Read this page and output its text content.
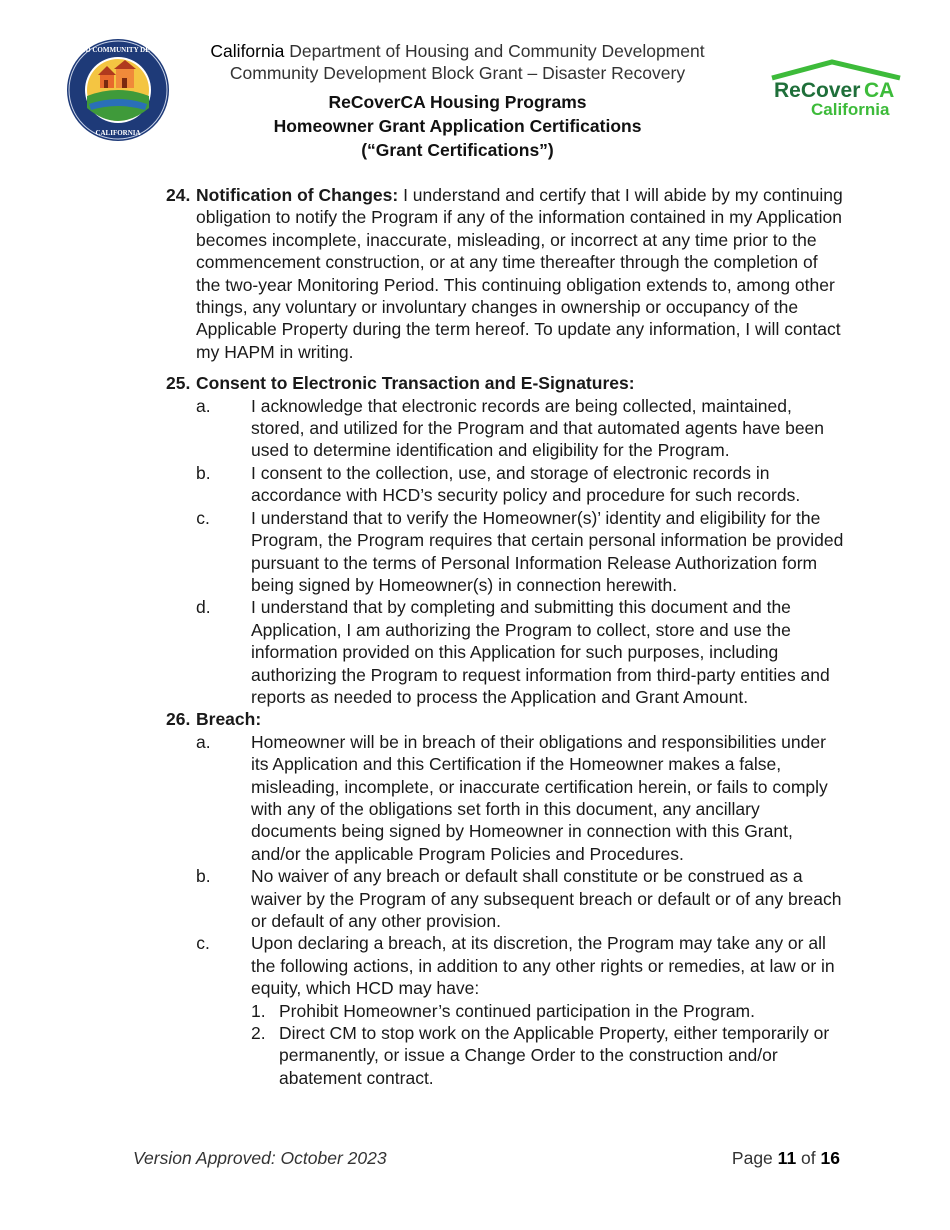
HOUSING AND COMMUNITY DEVELOPMENT
CALIFORNIA
California Department of Housing and Community Development
Community Development Block Grant – Disaster Recovery
ReCoverCA Housing Programs
Homeowner Grant Application Certifications
(“Grant Certifications”)
ReCover CA
California
24. Notification of Changes: I understand and certify that I will abide by my continuing obligation to notify the Program if any of the information contained in my Application becomes incomplete, inaccurate, misleading, or incorrect at any time prior to the commencement construction, or at any time thereafter through the completion of the two-year Monitoring Period. This continuing obligation extends to, among other things, any voluntary or involuntary changes in ownership or occupancy of the Applicable Property during the term hereof. To update any information, I will contact my HAPM in writing.
25. Consent to Electronic Transaction and E-Signatures:
a. I acknowledge that electronic records are being collected, maintained, stored, and utilized for the Program and that automated agents have been used to determine identification and eligibility for the Program.
b. I consent to the collection, use, and storage of electronic records in accordance with HCD’s security policy and procedure for such records.
c. I understand that to verify the Homeowner(s)’ identity and eligibility for the Program, the Program requires that certain personal information be provided pursuant to the terms of Personal Information Release Authorization form being signed by Homeowner(s) in connection herewith.
d. I understand that by completing and submitting this document and the Application, I am authorizing the Program to collect, store and use the information provided on this Application for such purposes, including authorizing the Program to request information from third-party entities and reports as needed to process the Application and Grant Amount.
26. Breach:
a. Homeowner will be in breach of their obligations and responsibilities under its Application and this Certification if the Homeowner makes a false, misleading, incomplete, or inaccurate certification herein, or fails to comply with any of the obligations set forth in this document, any ancillary documents being signed by Homeowner in connection with this Grant, and/or the applicable Program Policies and Procedures.
b. No waiver of any breach or default shall constitute or be construed as a waiver by the Program of any subsequent breach or default or of any breach or default of any other provision.
c. Upon declaring a breach, at its discretion, the Program may take any or all the following actions, in addition to any other rights or remedies, at law or in equity, which HCD may have:
1. Prohibit Homeowner’s continued participation in the Program.
2. Direct CM to stop work on the Applicable Property, either temporarily or permanently, or issue a Change Order to the construction and/or abatement contract.
Version Approved: October 2023	Page 11 of 16
